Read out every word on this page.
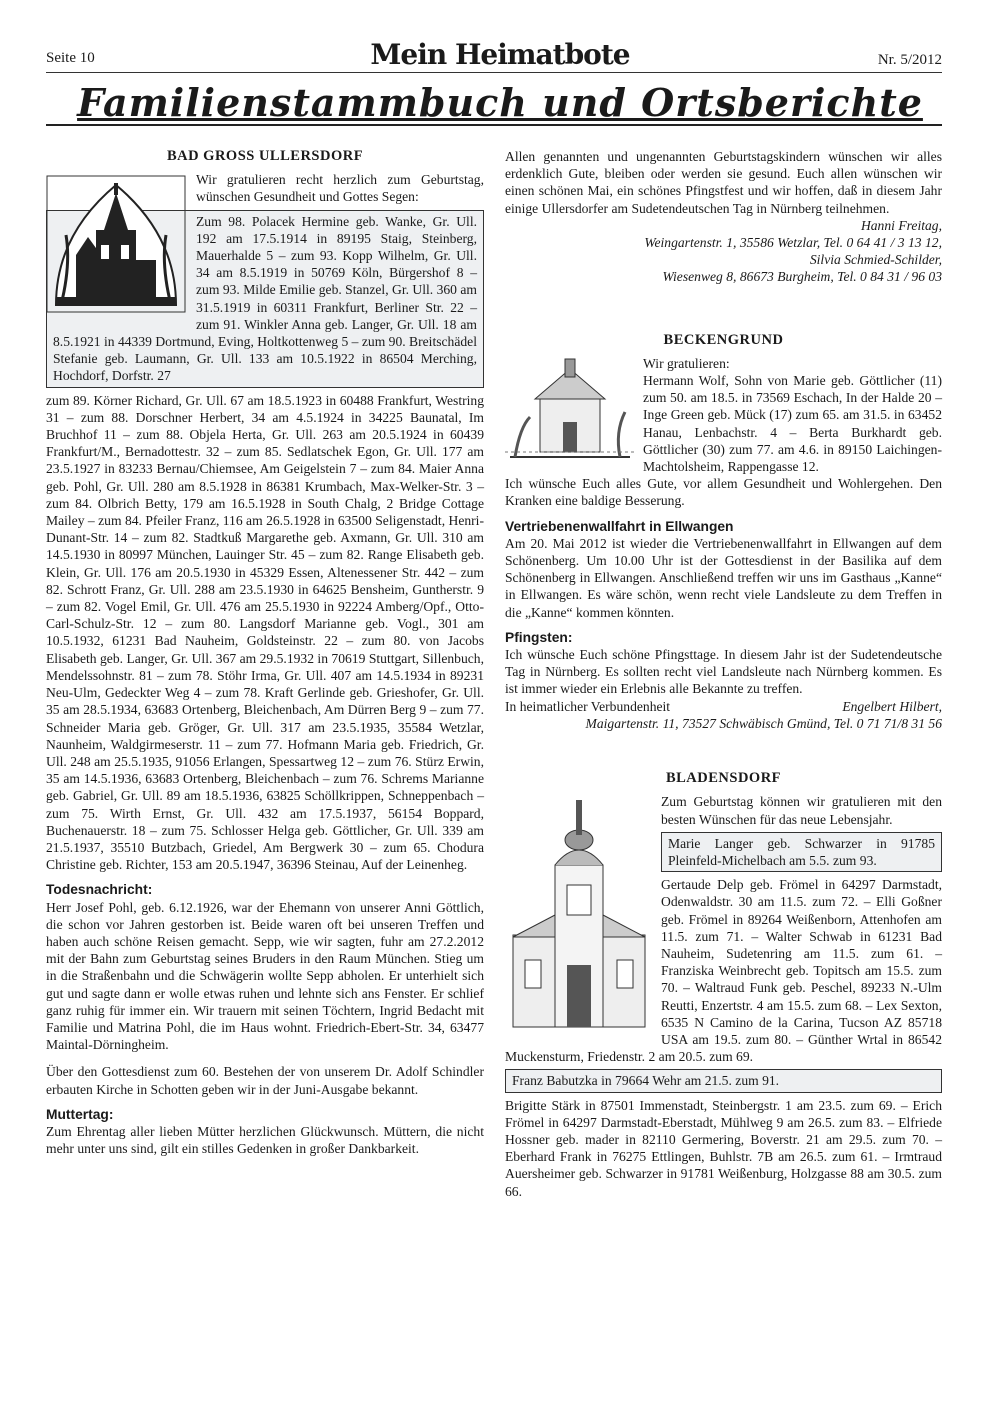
Seite 10	Mein Heimatbote	Nr. 5/2012
Familienstammbuch und Ortsberichte
BAD GROSS ULLERSDORF

Wir gratulieren recht herzlich zum Geburtstag, wünschen Gesundheit und Gottes Segen:

Zum 98. Polacek Hermine geb. Wanke, Gr. Ull. 192 am 17.5.1914 in 89195 Staig, Steinberg, Mauerhalde 5 – zum 93. Kopp Wilhelm, Gr. Ull. 34 am 8.5.1919 in 50769 Köln, Bürgershof 8 – zum 93. Milde Emilie geb. Stanzel, Gr. Ull. 360 am 31.5.1919 in 60311 Frankfurt, Berliner Str. 22 – zum 91. Winkler Anna geb. Langer, Gr. Ull. 18 am 8.5.1921 in 44339 Dortmund, Eving, Holtkottenweg 5 – zum 90. Breitschädel Stefanie geb. Laumann, Gr. Ull. 133 am 10.5.1922 in 86504 Merching, Hochdorf, Dorfstr. 27

zum 89. Körner Richard, Gr. Ull. 67 am 18.5.1923 in 60488 Frankfurt, Westring 31 – zum 88. Dorschner Herbert, 34 am 4.5.1924 in 34225 Baunatal, Im Bruchhof 11 – zum 88. Objela Herta, Gr. Ull. 263 am 20.5.1924 in 60439 Frankfurt/M., Bernadottestr. 32 – zum 85. Sedlatschek Egon, Gr. Ull. 177 am 23.5.1927 in 83233 Bernau/Chiemsee, Am Geigelstein 7 – zum 84. Maier Anna geb. Pohl, Gr. Ull. 280 am 8.5.1928 in 86381 Krumbach, Max-Welker-Str. 3 – zum 84. Olbrich Betty, 179 am 16.5.1928 in South Chalg, 2 Bridge Cottage Mailey – zum 84. Pfeiler Franz, 116 am 26.5.1928 in 63500 Seligenstadt, Henri-Dunant-Str. 14 – zum 82. Stadtkuß Margarethe geb. Axmann, Gr. Ull. 310 am 14.5.1930 in 80997 München, Lauinger Str. 45 – zum 82. Range Elisabeth geb. Klein, Gr. Ull. 176 am 20.5.1930 in 45329 Essen, Altenessener Str. 442 – zum 82. Schrott Franz, Gr. Ull. 288 am 23.5.1930 in 64625 Bensheim, Guntherstr. 9 – zum 82. Vogel Emil, Gr. Ull. 476 am 25.5.1930 in 92224 Amberg/Opf., Otto-Carl-Schulz-Str. 12 – zum 80. Langsdorf Marianne geb. Vogl., 301 am 10.5.1932, 61231 Bad Nauheim, Goldsteinstr. 22 – zum 80. von Jacobs Elisabeth geb. Langer, Gr. Ull. 367 am 29.5.1932 in 70619 Stuttgart, Sillenbuch, Mendelssohnstr. 81 – zum 78. Stöhr Irma, Gr. Ull. 407 am 14.5.1934 in 89231 Neu-Ulm, Gedeckter Weg 4 – zum 78. Kraft Gerlinde geb. Grieshofer, Gr. Ull. 35 am 28.5.1934, 63683 Ortenberg, Bleichenbach, Am Dürren Berg 9 – zum 77. Schneider Maria geb. Gröger, Gr. Ull. 317 am 23.5.1935, 35584 Wetzlar, Naunheim, Waldgirmeserstr. 11 – zum 77. Hofmann Maria geb. Friedrich, Gr. Ull. 248 am 25.5.1935, 91056 Erlangen, Spessartweg 12 – zum 76. Stürz Erwin, 35 am 14.5.1936, 63683 Ortenberg, Bleichenbach – zum 76. Schrems Marianne geb. Gabriel, Gr. Ull. 89 am 18.5.1936, 63825 Schöllkrippen, Schneppenbach – zum 75. Wirth Ernst, Gr. Ull. 432 am 17.5.1937, 56154 Boppard, Buchenauerstr. 18 – zum 75. Schlosser Helga geb. Göttlicher, Gr. Ull. 339 am 21.5.1937, 35510 Butzbach, Griedel, Am Bergwerk 30 – zum 65. Chodura Christine geb. Richter, 153 am 20.5.1947, 36396 Steinau, Auf der Leinenheg.

Todesnachricht:

Herr Josef Pohl, geb. 6.12.1926, war der Ehemann von unserer Anni Göttlich, die schon vor Jahren gestorben ist. Beide waren oft bei unseren Treffen und haben auch schöne Reisen gemacht. Sepp, wie wir sagten, fuhr am 27.2.2012 mit der Bahn zum Geburtstag seines Bruders in den Raum München. Stieg um in die Straßenbahn und die Schwägerin wollte Sepp abholen. Er unterhielt sich gut und sagte dann er wolle etwas ruhen und lehnte sich ans Fenster. Er schlief ganz ruhig für immer ein. Wir trauern mit seinen Töchtern, Ingrid Bedacht mit Familie und Matrina Pohl, die im Haus wohnt. Friedrich-Ebert-Str. 34, 63477 Maintal-Dörningheim.

Über den Gottesdienst zum 60. Bestehen der von unserem Dr. Adolf Schindler erbauten Kirche in Schotten geben wir in der Juni-Ausgabe bekannt.

Muttertag:

Zum Ehrentag aller lieben Mütter herzlichen Glückwunsch. Müttern, die nicht mehr unter uns sind, gilt ein stilles Gedenken in großer Dankbarkeit.

Allen genannten und ungenannten Geburtstagskindern wünschen wir alles erdenklich Gute, bleiben oder werden sie gesund. Euch allen wünschen wir einen schönen Mai, ein schönes Pfingstfest und wir hoffen, daß in diesem Jahr einige Ullersdorfer am Sudetendeutschen Tag in Nürnberg teilnehmen.

Hanni Freitag,

Weingartenstr. 1, 35586 Wetzlar, Tel. 0 64 41 / 3 13 12,

Silvia Schmied-Schilder,

Wiesenweg 8, 86673 Burgheim, Tel. 0 84 31 / 96 03

BECKENGRUND

Wir gratulieren:

Hermann Wolf, Sohn von Marie geb. Göttlicher (11) zum 50. am 18.5. in 73569 Eschach, In der Halde 20 – Inge Green geb. Mück (17) zum 65. am 31.5. in 63452 Hanau, Lenbachstr. 4 – Berta Burkhardt geb. Göttlicher (30) zum 77. am 4.6. in 89150 Laichingen-Machtolsheim, Rappengasse 12.

Ich wünsche Euch alles Gute, vor allem Gesundheit und Wohlergehen. Den Kranken eine baldige Besserung.

Vertriebenenwallfahrt in Ellwangen

Am 20. Mai 2012 ist wieder die Vertriebenenwallfahrt in Ellwangen auf dem Schönenberg. Um 10.00 Uhr ist der Gottesdienst in der Basilika auf dem Schönenberg in Ellwangen. Anschließend treffen wir uns im Gasthaus „Kanne“ in Ellwangen. Es wäre schön, wenn recht viele Landsleute zu dem Treffen in die „Kanne“ kommen könnten.

Pfingsten:

Ich wünsche Euch schöne Pfingsttage. In diesem Jahr ist der Sudetendeutsche Tag in Nürnberg. Es sollten recht viel Landsleute nach Nürnberg kommen. Es ist immer wieder ein Erlebnis alle Bekannte zu treffen.

In heimatlicher Verbundenheit	Engelbert Hilbert,

Maigartenstr. 11, 73527 Schwäbisch Gmünd, Tel. 0 71 71/8 31 56

BLADENSDORF

Zum Geburtstag können wir gratulieren mit den besten Wünschen für das neue Lebensjahr.

Marie Langer geb. Schwarzer in 91785 Pleinfeld-Michelbach am 5.5. zum 93.

Gertaude Delp geb. Frömel in 64297 Darmstadt, Odenwaldstr. 30 am 11.5. zum 72. – Elli Goßner geb. Frömel in 89264 Weißenborn, Attenhofen am 11.5. zum 71. – Walter Schwab in 61231 Bad Nauheim, Sudetenring am 11.5. zum 61. – Franziska Weinbrecht geb. Topitsch am 15.5. zum 70. – Waltraud Funk geb. Peschel, 89233 N.-Ulm Reutti, Enzertstr. 4 am 15.5. zum 68. – Lex Sexton, 6535 N Camino de la Carina, Tucson AZ 85718 USA am 19.5. zum 80. – Günther Wrtal in 86542 Muckensturm, Friedenstr. 2 am 20.5. zum 69.

Franz Babutzka in 79664 Wehr am 21.5. zum 91.

Brigitte Stärk in 87501 Immenstadt, Steinbergstr. 1 am 23.5. zum 69. – Erich Frömel in 64297 Darmstadt-Eberstadt, Mühlweg 9 am 26.5. zum 83. – Elfriede Hossner geb. mader in 82110 Germering, Boverstr. 21 am 29.5. zum 70. – Eberhard Frank in 76275 Ettlingen, Buhlstr. 7B am 26.5. zum 61. – Irmtraud Auersheimer geb. Schwarzer in 91781 Weißenburg, Holzgasse 88 am 30.5. zum 66.
